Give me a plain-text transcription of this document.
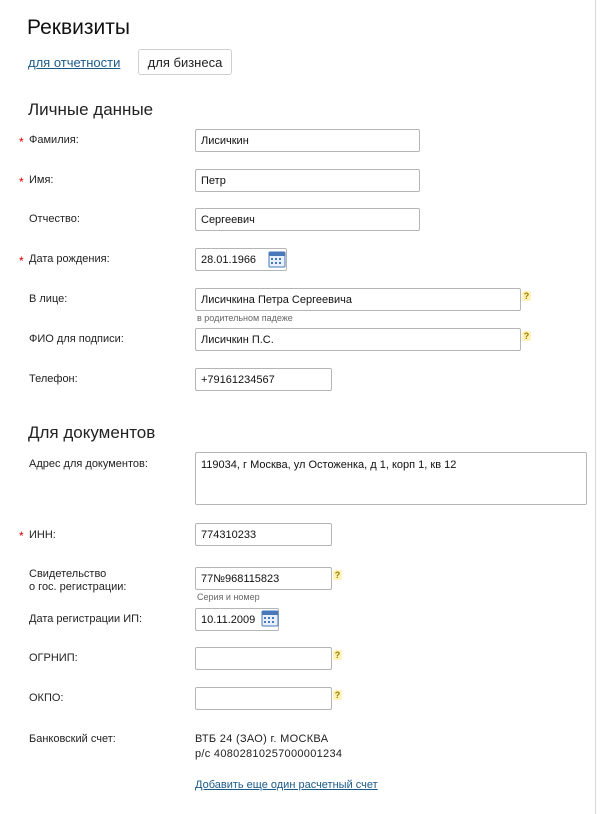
Реквизиты
для отчетности	для бизнеса
Личные данные
* Фамилия:	Лисичкин
* Имя:	Петр
Отчество:	Сергеевич
* Дата рождения:	28.01.1966
В лице:	Лисичкина Петра Сергеевича	?
в родительном падеже
ФИО для подписи:	Лисичкин П.С.	?
Телефон:	+79161234567
Для документов
Адрес для документов:	119034, г Москва, ул Остоженка, д 1, корп 1, кв 12
* ИНН:	774310233
Свидетельство
о гос. регистрации:
77№968115823	?
Серия и номер
Дата регистрации ИП:	10.11.2009
ОГРНИП:	?
ОКПО:	?
Банковский счет:	ВТБ 24 (ЗАО) г. МОСКВА
р/с 40802810257000001234
Добавить еще один расчетный счет
